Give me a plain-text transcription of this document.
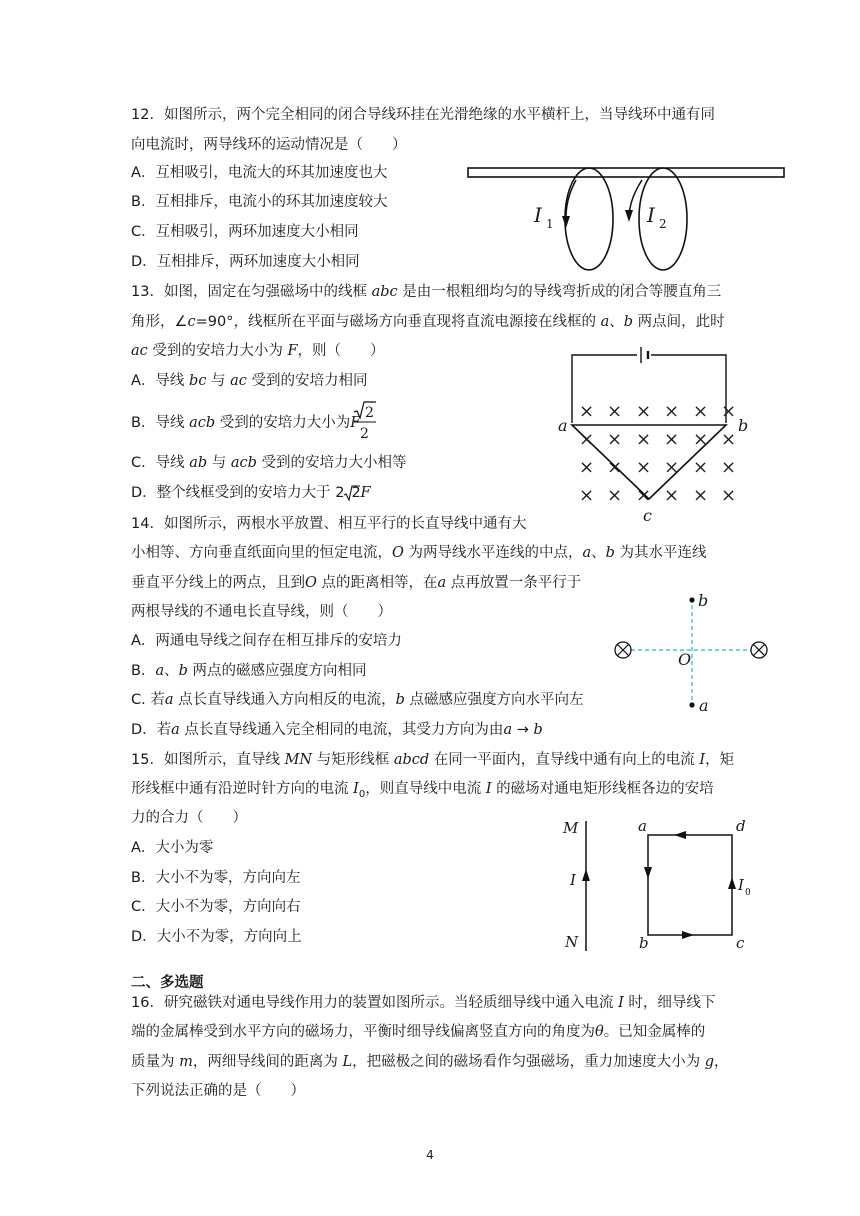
12．如图所示，两个完全相同的闭合导线环挂在光滑绝缘的水平横杆上，当导线环中通有同
向电流时，两导线环的运动情况是（　　）
A．互相吸引，电流大的环其加速度也大
B．互相排斥，电流小的环其加速度较大
C．互相吸引，两环加速度大小相同
D．互相排斥，两环加速度大小相同
I 1	I 2
13．如图，固定在匀强磁场中的线框 abc 是由一根粗细均匀的导线弯折成的闭合等腰直角三
角形，∠c=90°，线框所在平面与磁场方向垂直现将直流电源接在线框的 a、b 两点间，此时
ac 受到的安培力大小为 F，则（　　）
A．导线 bc 与 ac 受到的安培力相同
B．导线 acb 受到的安培力大小为F
2
2
C．导线 ab 与 acb 受到的安培力大小相等
D．整个线框受到的安培力大于 2 2F
× × × × × ×
× × × × × ×
× × × × × ×
× × × × × ×
a	b
c
14．如图所示，两根水平放置、相互平行的长直导线中通有大
小相等、方向垂直纸面向里的恒定电流，O 为两导线水平连线的中点，a、b 为其水平连线
垂直平分线上的两点，且到O 点的距离相等，在a 点再放置一条平行于
两根导线的不通电长直导线，则（　　）
A．两通电导线之间存在相互排斥的安培力
B．a、b 两点的磁感应强度方向相同
C. 若a 点长直导线通入方向相反的电流，b 点磁感应强度方向水平向左
D．若a 点长直导线通入完全相同的电流，其受力方向为由a → b
b
O
a
15．如图所示，直导线 MN 与矩形线框 abcd 在同一平面内，直导线中通有向上的电流 I，矩
形线框中通有沿逆时针方向的电流 $I_0$，则直导线中电流 I 的磁场对通电矩形线框各边的安培
力的合力（　　）
A．大小为零
B．大小不为零，方向向左
C．大小不为零，方向向右
D．大小不为零，方向向上
M
I
N
a	d
b	c
I 0
二、多选题
16．研究磁铁对通电导线作用力的装置如图所示。当轻质细导线中通入电流 I 时，细导线下
端的金属棒受到水平方向的磁场力，平衡时细导线偏离竖直方向的角度为θ。已知金属棒的
质量为 m，两细导线间的距离为 L，把磁极之间的磁场看作匀强磁场，重力加速度大小为 g，
下列说法正确的是（　　）
4
